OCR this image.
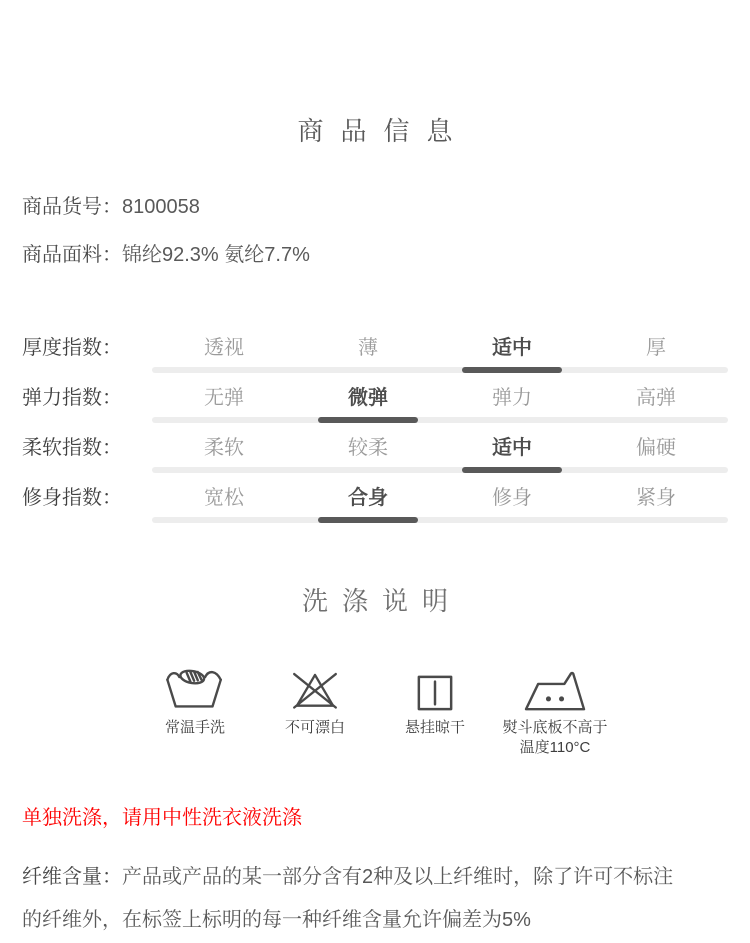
商品信息
商品货号：8100058
商品面料：锦纶92.3% 氨纶7.7%
厚度指数：	透视	薄	适中	厚
弹力指数：	无弹	微弹	弹力	高弹
柔软指数：	柔软	较柔	适中	偏硬
修身指数：	宽松	合身	修身	紧身
洗涤说明
常温手洗	不可漂白	悬挂晾干 熨斗底板不高于
温度110°C
单独洗涤，请用中性洗衣液洗涤
纤维含量：产品或产品的某一部分含有2种及以上纤维时，除了许可不标注
的纤维外，在标签上标明的每一种纤维含量允许偏差为5%
